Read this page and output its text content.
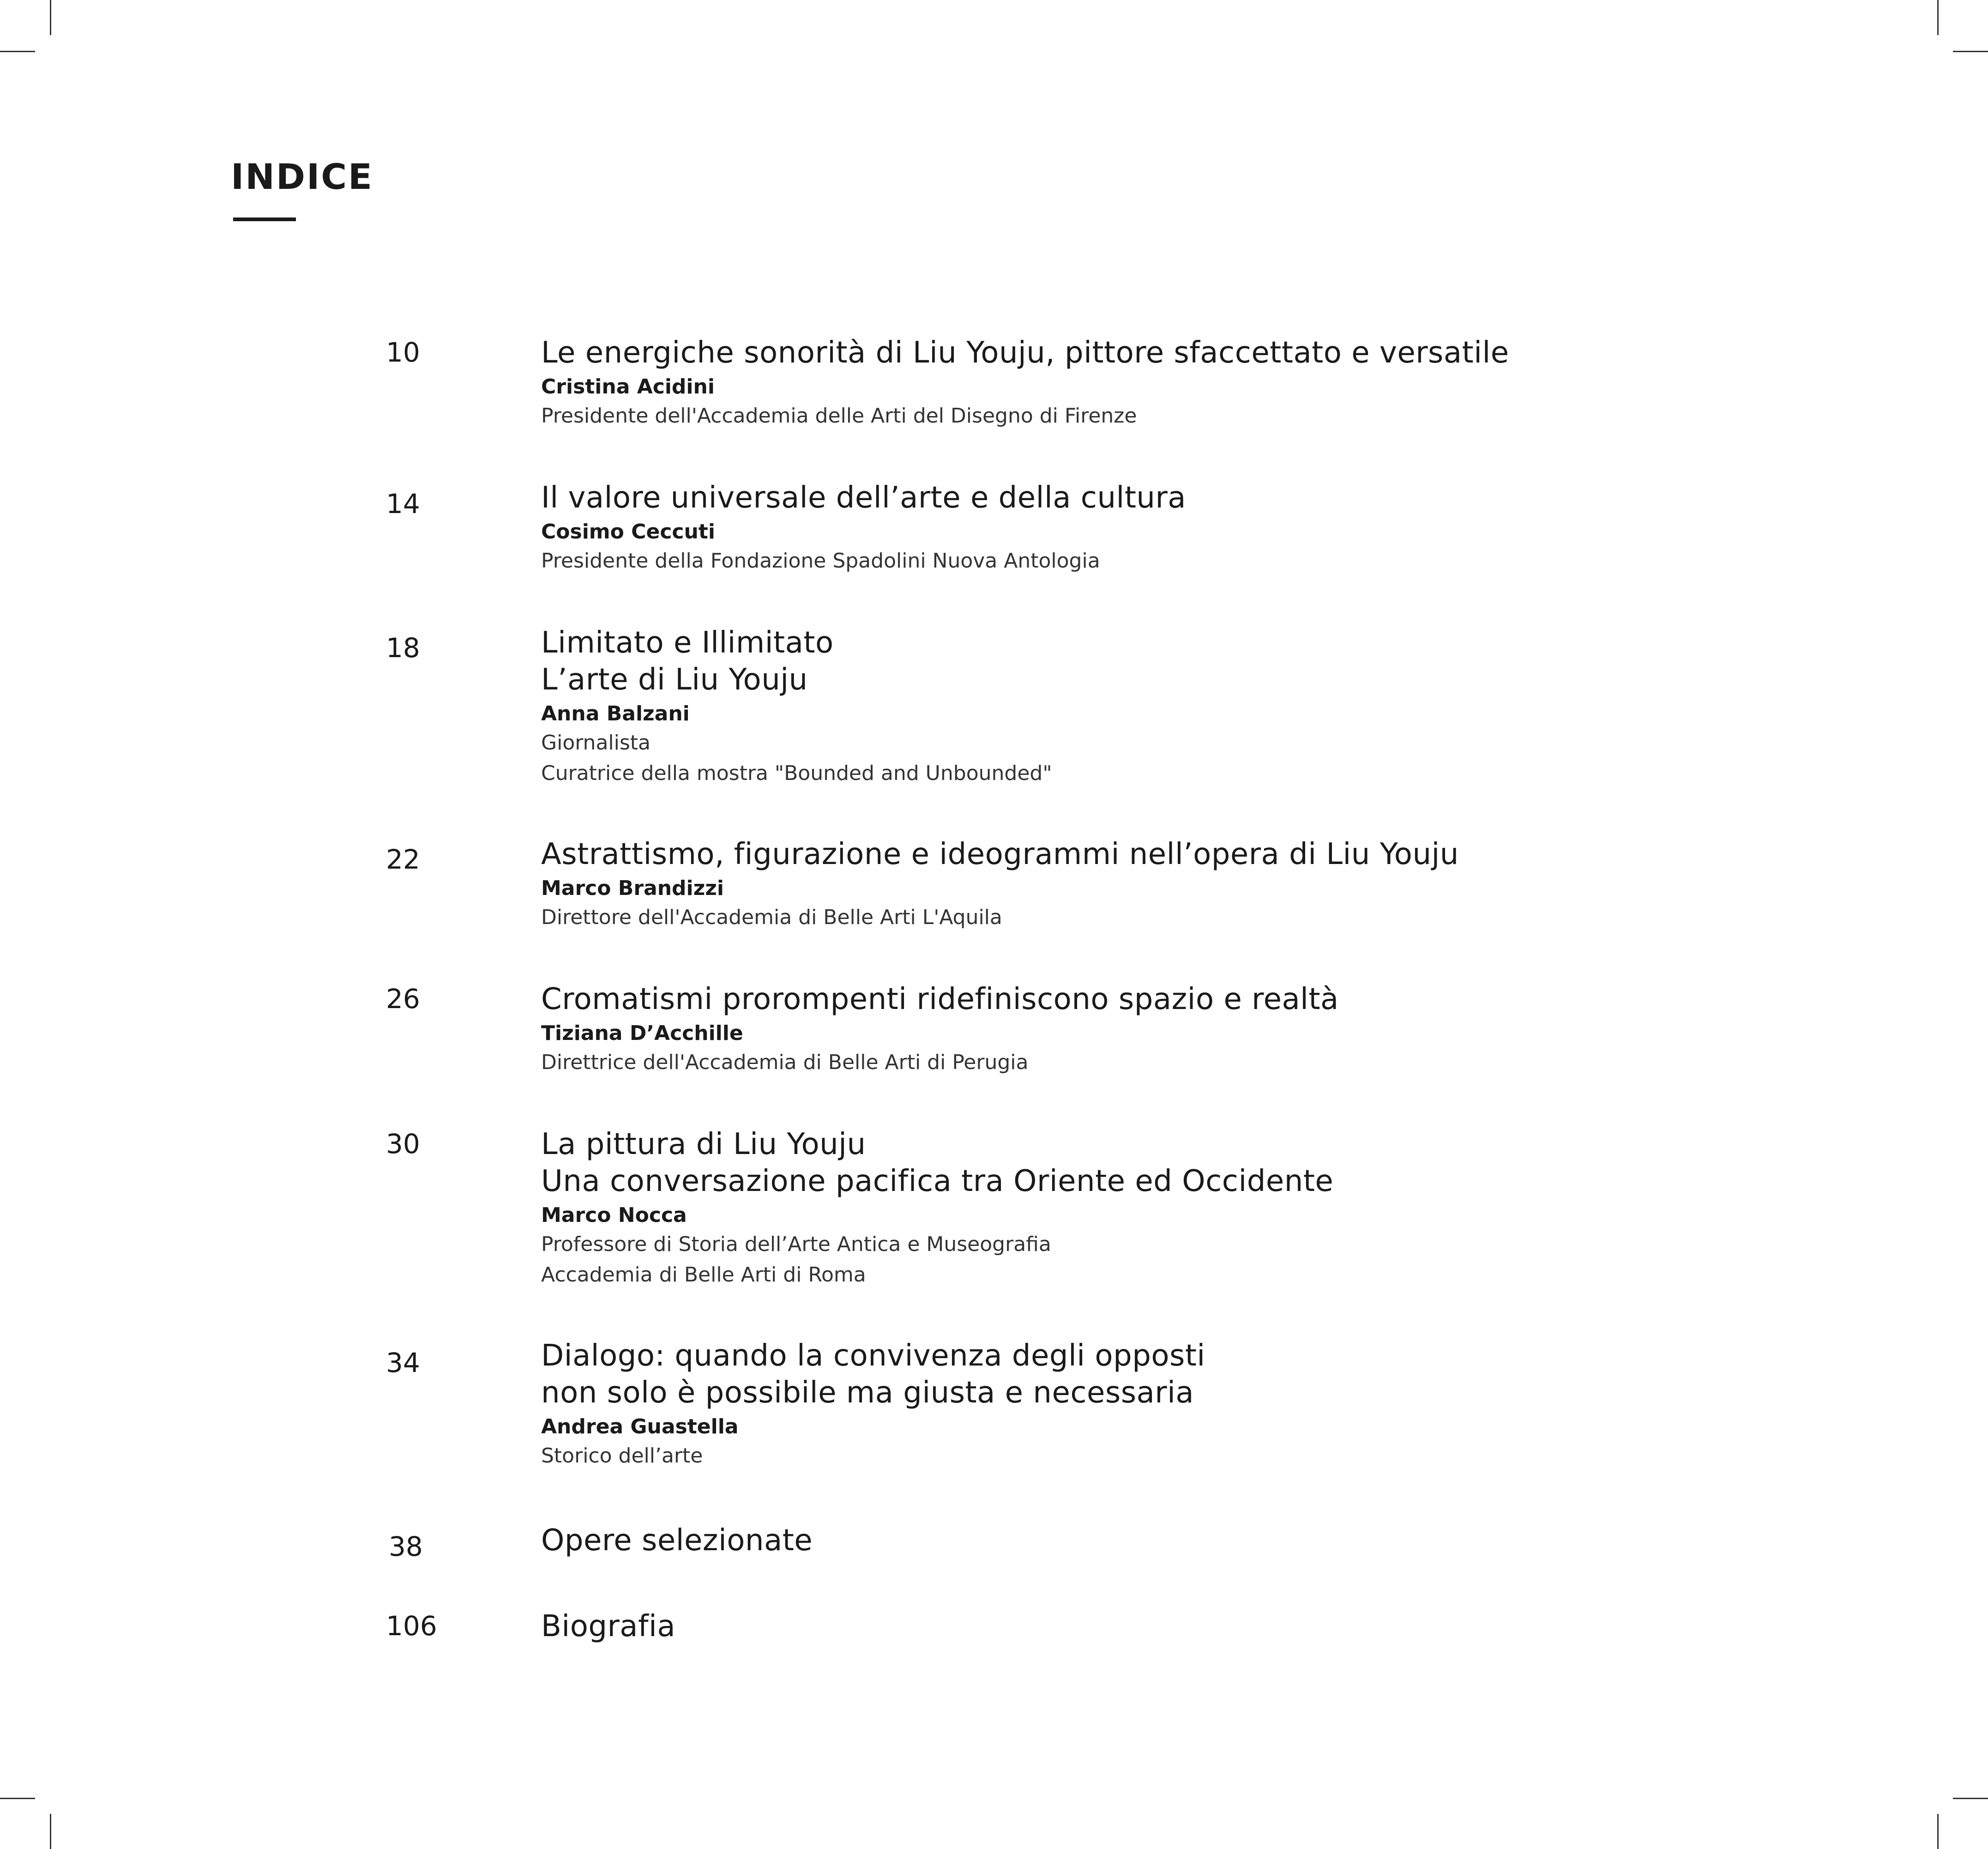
INDICE
10	Le energiche sonorità di Liu Youju, pittore sfaccettato e versatile
Cristina Acidini
Presidente dell'Accademia delle Arti del Disegno di Firenze
14	Il valore universale dell’arte e della cultura
Cosimo Ceccuti
Presidente della Fondazione Spadolini Nuova Antologia
18	Limitato e Illimitato
L’arte di Liu Youju
Anna Balzani
Giornalista
Curatrice della mostra "Bounded and Unbounded"
22	Astrattismo, figurazione e ideogrammi nell’opera di Liu Youju
Marco Brandizzi
Direttore dell'Accademia di Belle Arti L'Aquila
26	Cromatismi prorompenti ridefiniscono spazio e realtà
Tiziana D’Acchille
Direttrice dell'Accademia di Belle Arti di Perugia
30	La pittura di Liu Youju
Una conversazione pacifica tra Oriente ed Occidente
Marco Nocca
Professore di Storia dell’Arte Antica e Museografia
Accademia di Belle Arti di Roma
34	Dialogo: quando la convivenza degli opposti
non solo è possibile ma giusta e necessaria
Andrea Guastella
Storico dell’arte
38	Opere selezionate
106	Biografia
